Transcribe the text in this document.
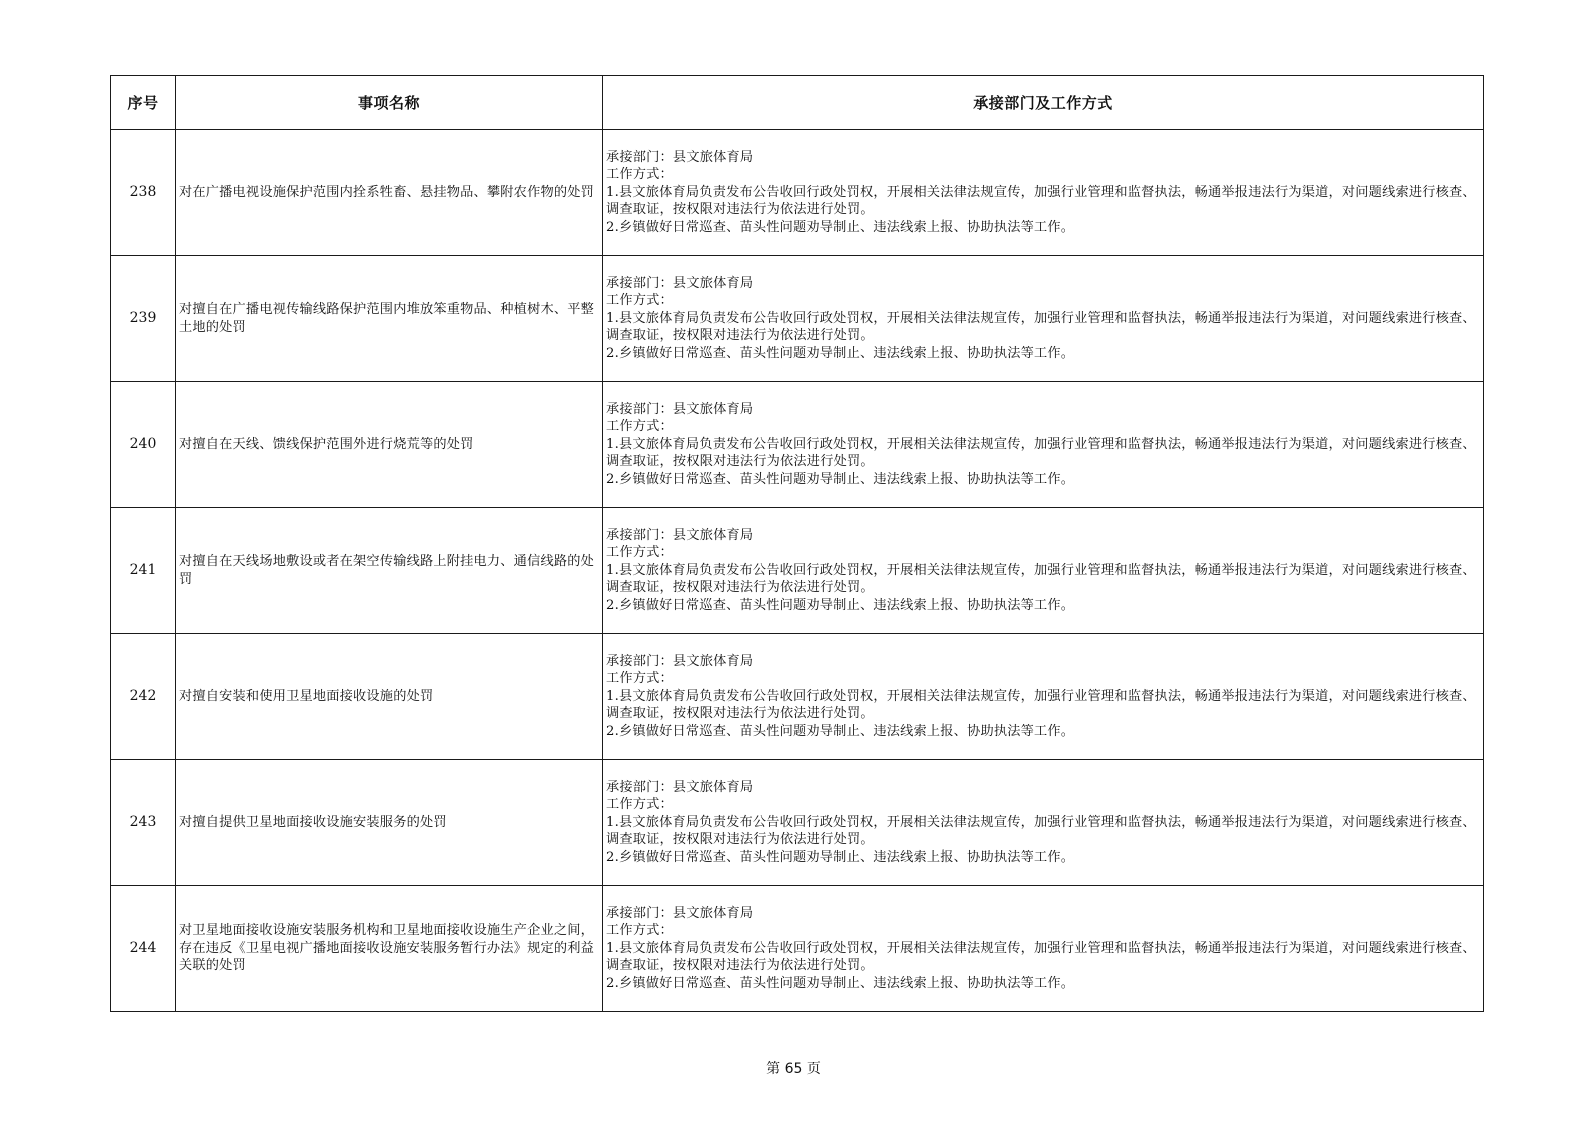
序号	事项名称	承接部门及工作方式
238	对在广播电视设施保护范围内拴系牲畜、悬挂物品、攀附农作物的处罚	承接部门：县文旅体育局
工作方式：
1.县文旅体育局负责发布公告收回行政处罚权，开展相关法律法规宣传，加强行业管理和监督执法，畅通举报违法行为渠道，对问题线索进行核查、调查取证，按权限对违法行为依法进行处罚。
2.乡镇做好日常巡查、苗头性问题劝导制止、违法线索上报、协助执法等工作。

239	对擅自在广播电视传输线路保护范围内堆放笨重物品、种植树木、平整土地的处罚	承接部门：县文旅体育局
工作方式：
1.县文旅体育局负责发布公告收回行政处罚权，开展相关法律法规宣传，加强行业管理和监督执法，畅通举报违法行为渠道，对问题线索进行核查、调查取证，按权限对违法行为依法进行处罚。
2.乡镇做好日常巡查、苗头性问题劝导制止、违法线索上报、协助执法等工作。

240	对擅自在天线、馈线保护范围外进行烧荒等的处罚	承接部门：县文旅体育局
工作方式：
1.县文旅体育局负责发布公告收回行政处罚权，开展相关法律法规宣传，加强行业管理和监督执法，畅通举报违法行为渠道，对问题线索进行核查、调查取证，按权限对违法行为依法进行处罚。
2.乡镇做好日常巡查、苗头性问题劝导制止、违法线索上报、协助执法等工作。

241	对擅自在天线场地敷设或者在架空传输线路上附挂电力、通信线路的处罚	承接部门：县文旅体育局
工作方式：
1.县文旅体育局负责发布公告收回行政处罚权，开展相关法律法规宣传，加强行业管理和监督执法，畅通举报违法行为渠道，对问题线索进行核查、调查取证，按权限对违法行为依法进行处罚。
2.乡镇做好日常巡查、苗头性问题劝导制止、违法线索上报、协助执法等工作。

242	对擅自安装和使用卫星地面接收设施的处罚	承接部门：县文旅体育局
工作方式：
1.县文旅体育局负责发布公告收回行政处罚权，开展相关法律法规宣传，加强行业管理和监督执法，畅通举报违法行为渠道，对问题线索进行核查、调查取证，按权限对违法行为依法进行处罚。
2.乡镇做好日常巡查、苗头性问题劝导制止、违法线索上报、协助执法等工作。

243	对擅自提供卫星地面接收设施安装服务的处罚	承接部门：县文旅体育局
工作方式：
1.县文旅体育局负责发布公告收回行政处罚权，开展相关法律法规宣传，加强行业管理和监督执法，畅通举报违法行为渠道，对问题线索进行核查、调查取证，按权限对违法行为依法进行处罚。
2.乡镇做好日常巡查、苗头性问题劝导制止、违法线索上报、协助执法等工作。

244	对卫星地面接收设施安装服务机构和卫星地面接收设施生产企业之间，存在违反《卫星电视广播地面接收设施安装服务暂行办法》规定的利益关联的处罚	承接部门：县文旅体育局
工作方式：
1.县文旅体育局负责发布公告收回行政处罚权，开展相关法律法规宣传，加强行业管理和监督执法，畅通举报违法行为渠道，对问题线索进行核查、调查取证，按权限对违法行为依法进行处罚。
2.乡镇做好日常巡查、苗头性问题劝导制止、违法线索上报、协助执法等工作。
第 65 页
